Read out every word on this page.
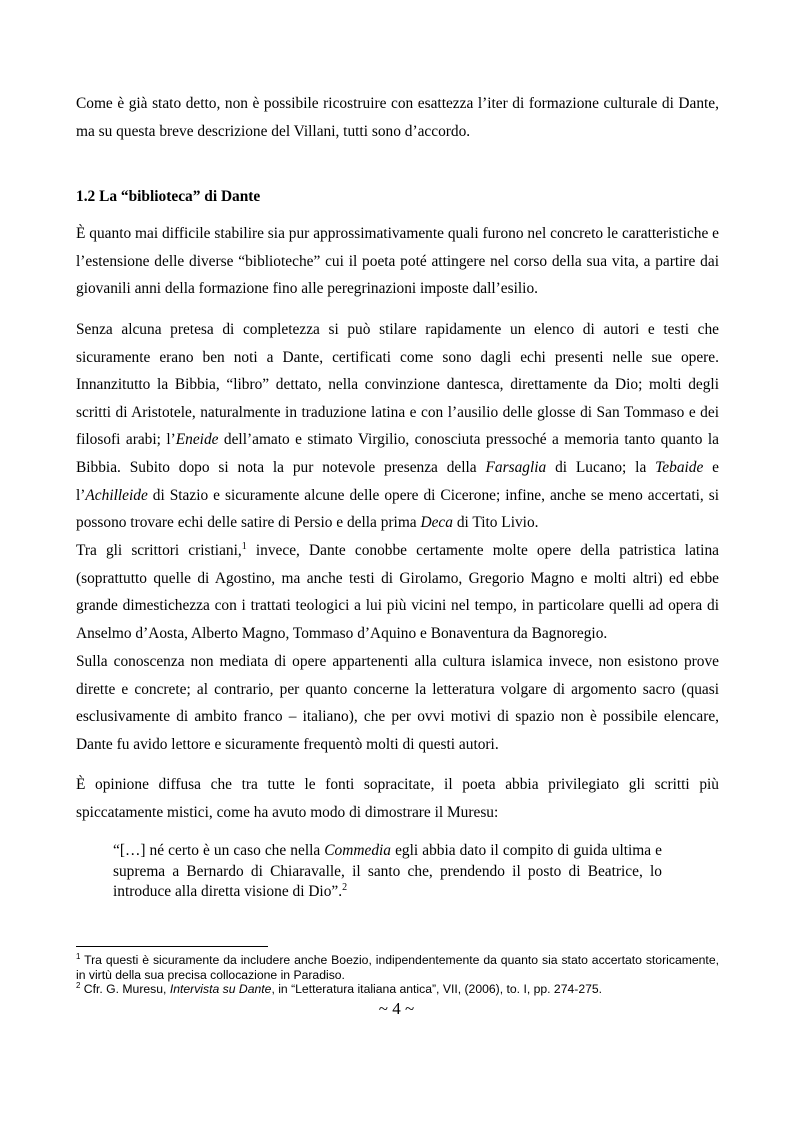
Come è già stato detto, non è possibile ricostruire con esattezza l’iter di formazione culturale di Dante, ma su questa breve descrizione del Villani, tutti sono d’accordo.

1.2 La “biblioteca” di Dante

È quanto mai difficile stabilire sia pur approssimativamente quali furono nel concreto le caratteristiche e l’estensione delle diverse “biblioteche” cui il poeta poté attingere nel corso della sua vita, a partire dai giovanili anni della formazione fino alle peregrinazioni imposte dall’esilio.

Senza alcuna pretesa di completezza si può stilare rapidamente un elenco di autori e testi che sicuramente erano ben noti a Dante, certificati come sono dagli echi presenti nelle sue opere. Innanzitutto la Bibbia, “libro” dettato, nella convinzione dantesca, direttamente da Dio; molti degli scritti di Aristotele, naturalmente in traduzione latina e con l’ausilio delle glosse di San Tommaso e dei filosofi arabi; l’Eneide dell’amato e stimato Virgilio, conosciuta pressoché a memoria tanto quanto la Bibbia. Subito dopo si nota la pur notevole presenza della Farsaglia di Lucano; la Tebaide e l’Achilleide di Stazio e sicuramente alcune delle opere di Cicerone; infine, anche se meno accertati, si possono trovare echi delle satire di Persio e della prima Deca di Tito Livio.

Tra gli scrittori cristiani,$^1$ invece, Dante conobbe certamente molte opere della patristica latina (soprattutto quelle di Agostino, ma anche testi di Girolamo, Gregorio Magno e molti altri) ed ebbe grande dimestichezza con i trattati teologici a lui più vicini nel tempo, in particolare quelli ad opera di Anselmo d’Aosta, Alberto Magno, Tommaso d’Aquino e Bonaventura da Bagnoregio.

Sulla conoscenza non mediata di opere appartenenti alla cultura islamica invece, non esistono prove dirette e concrete; al contrario, per quanto concerne la letteratura volgare di argomento sacro (quasi esclusivamente di ambito franco – italiano), che per ovvi motivi di spazio non è possibile elencare, Dante fu avido lettore e sicuramente frequentò molti di questi autori.

È opinione diffusa che tra tutte le fonti sopracitate, il poeta abbia privilegiato gli scritti più spiccatamente mistici, come ha avuto modo di dimostrare il Muresu:

“[…] né certo è un caso che nella Commedia egli abbia dato il compito di guida ultima e suprema a Bernardo di Chiaravalle, il santo che, prendendo il posto di Beatrice, lo introduce alla diretta visione di Dio”.$^2$

$^1$ Tra questi è sicuramente da includere anche Boezio, indipendentemente da quanto sia stato accertato storicamente, in virtù della sua precisa collocazione in Paradiso.

$^2$ Cfr. G. Muresu, Intervista su Dante, in “Letteratura italiana antica”, VII, (2006), to. I, pp. 274-275.

~ 4 ~
